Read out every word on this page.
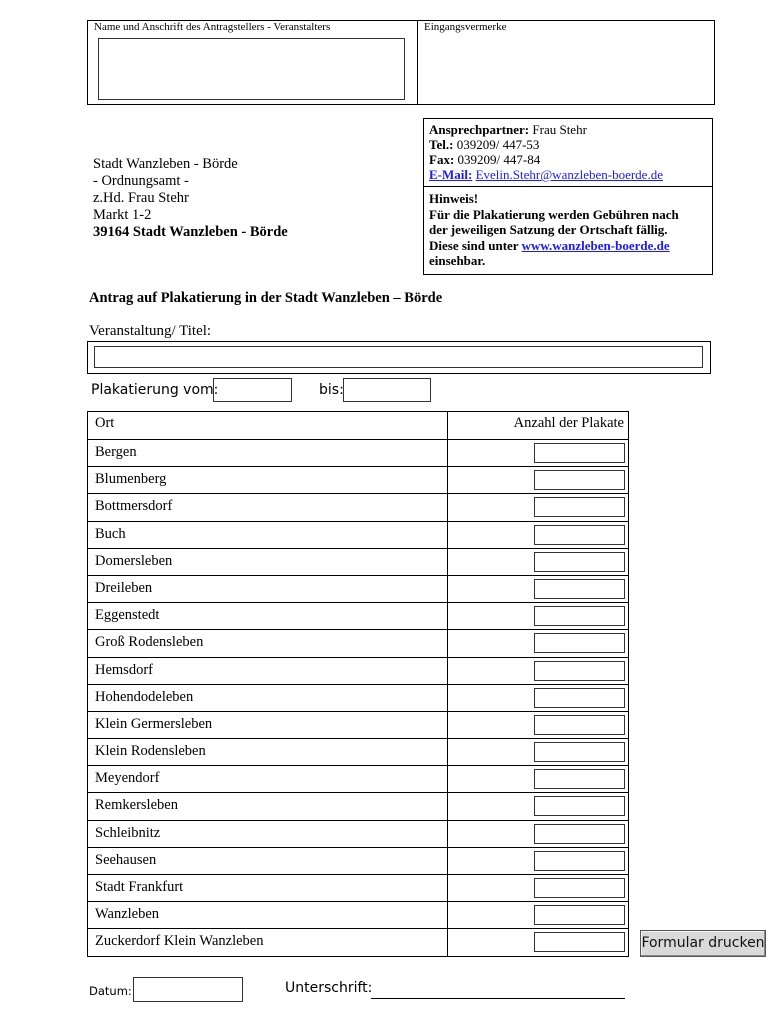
Name und Anschrift des Antragstellers - Veranstalters	Eingangsvermerke
Stadt Wanzleben - Börde
- Ordnungsamt -
z.Hd. Frau Stehr
Markt 1-2
39164 Stadt Wanzleben - Börde
Ansprechpartner: Frau Stehr
Tel.: 039209/ 447-53
Fax: 039209/ 447-84
E-Mail: Evelin.Stehr@wanzleben-boerde.de
Hinweis!
Für die Plakatierung werden Gebühren nach
der jeweiligen Satzung der Ortschaft fällig.
Diese sind unter www.wanzleben-boerde.de
einsehbar.
Antrag auf Plakatierung in der Stadt Wanzleben – Börde
Veranstaltung/ Titel:
Plakatierung vom:	bis:
Ort	Anzahl der Plakate
Bergen
Blumenberg
Bottmersdorf
Buch
Domersleben
Dreileben
Eggenstedt
Groß Rodensleben
Hemsdorf
Hohendodeleben
Klein Germersleben
Klein Rodensleben
Meyendorf
Remkersleben
Schleibnitz
Seehausen
Stadt Frankfurt
Wanzleben
Zuckerdorf Klein Wanzleben	Formular drucken
Datum:	Unterschrift:
